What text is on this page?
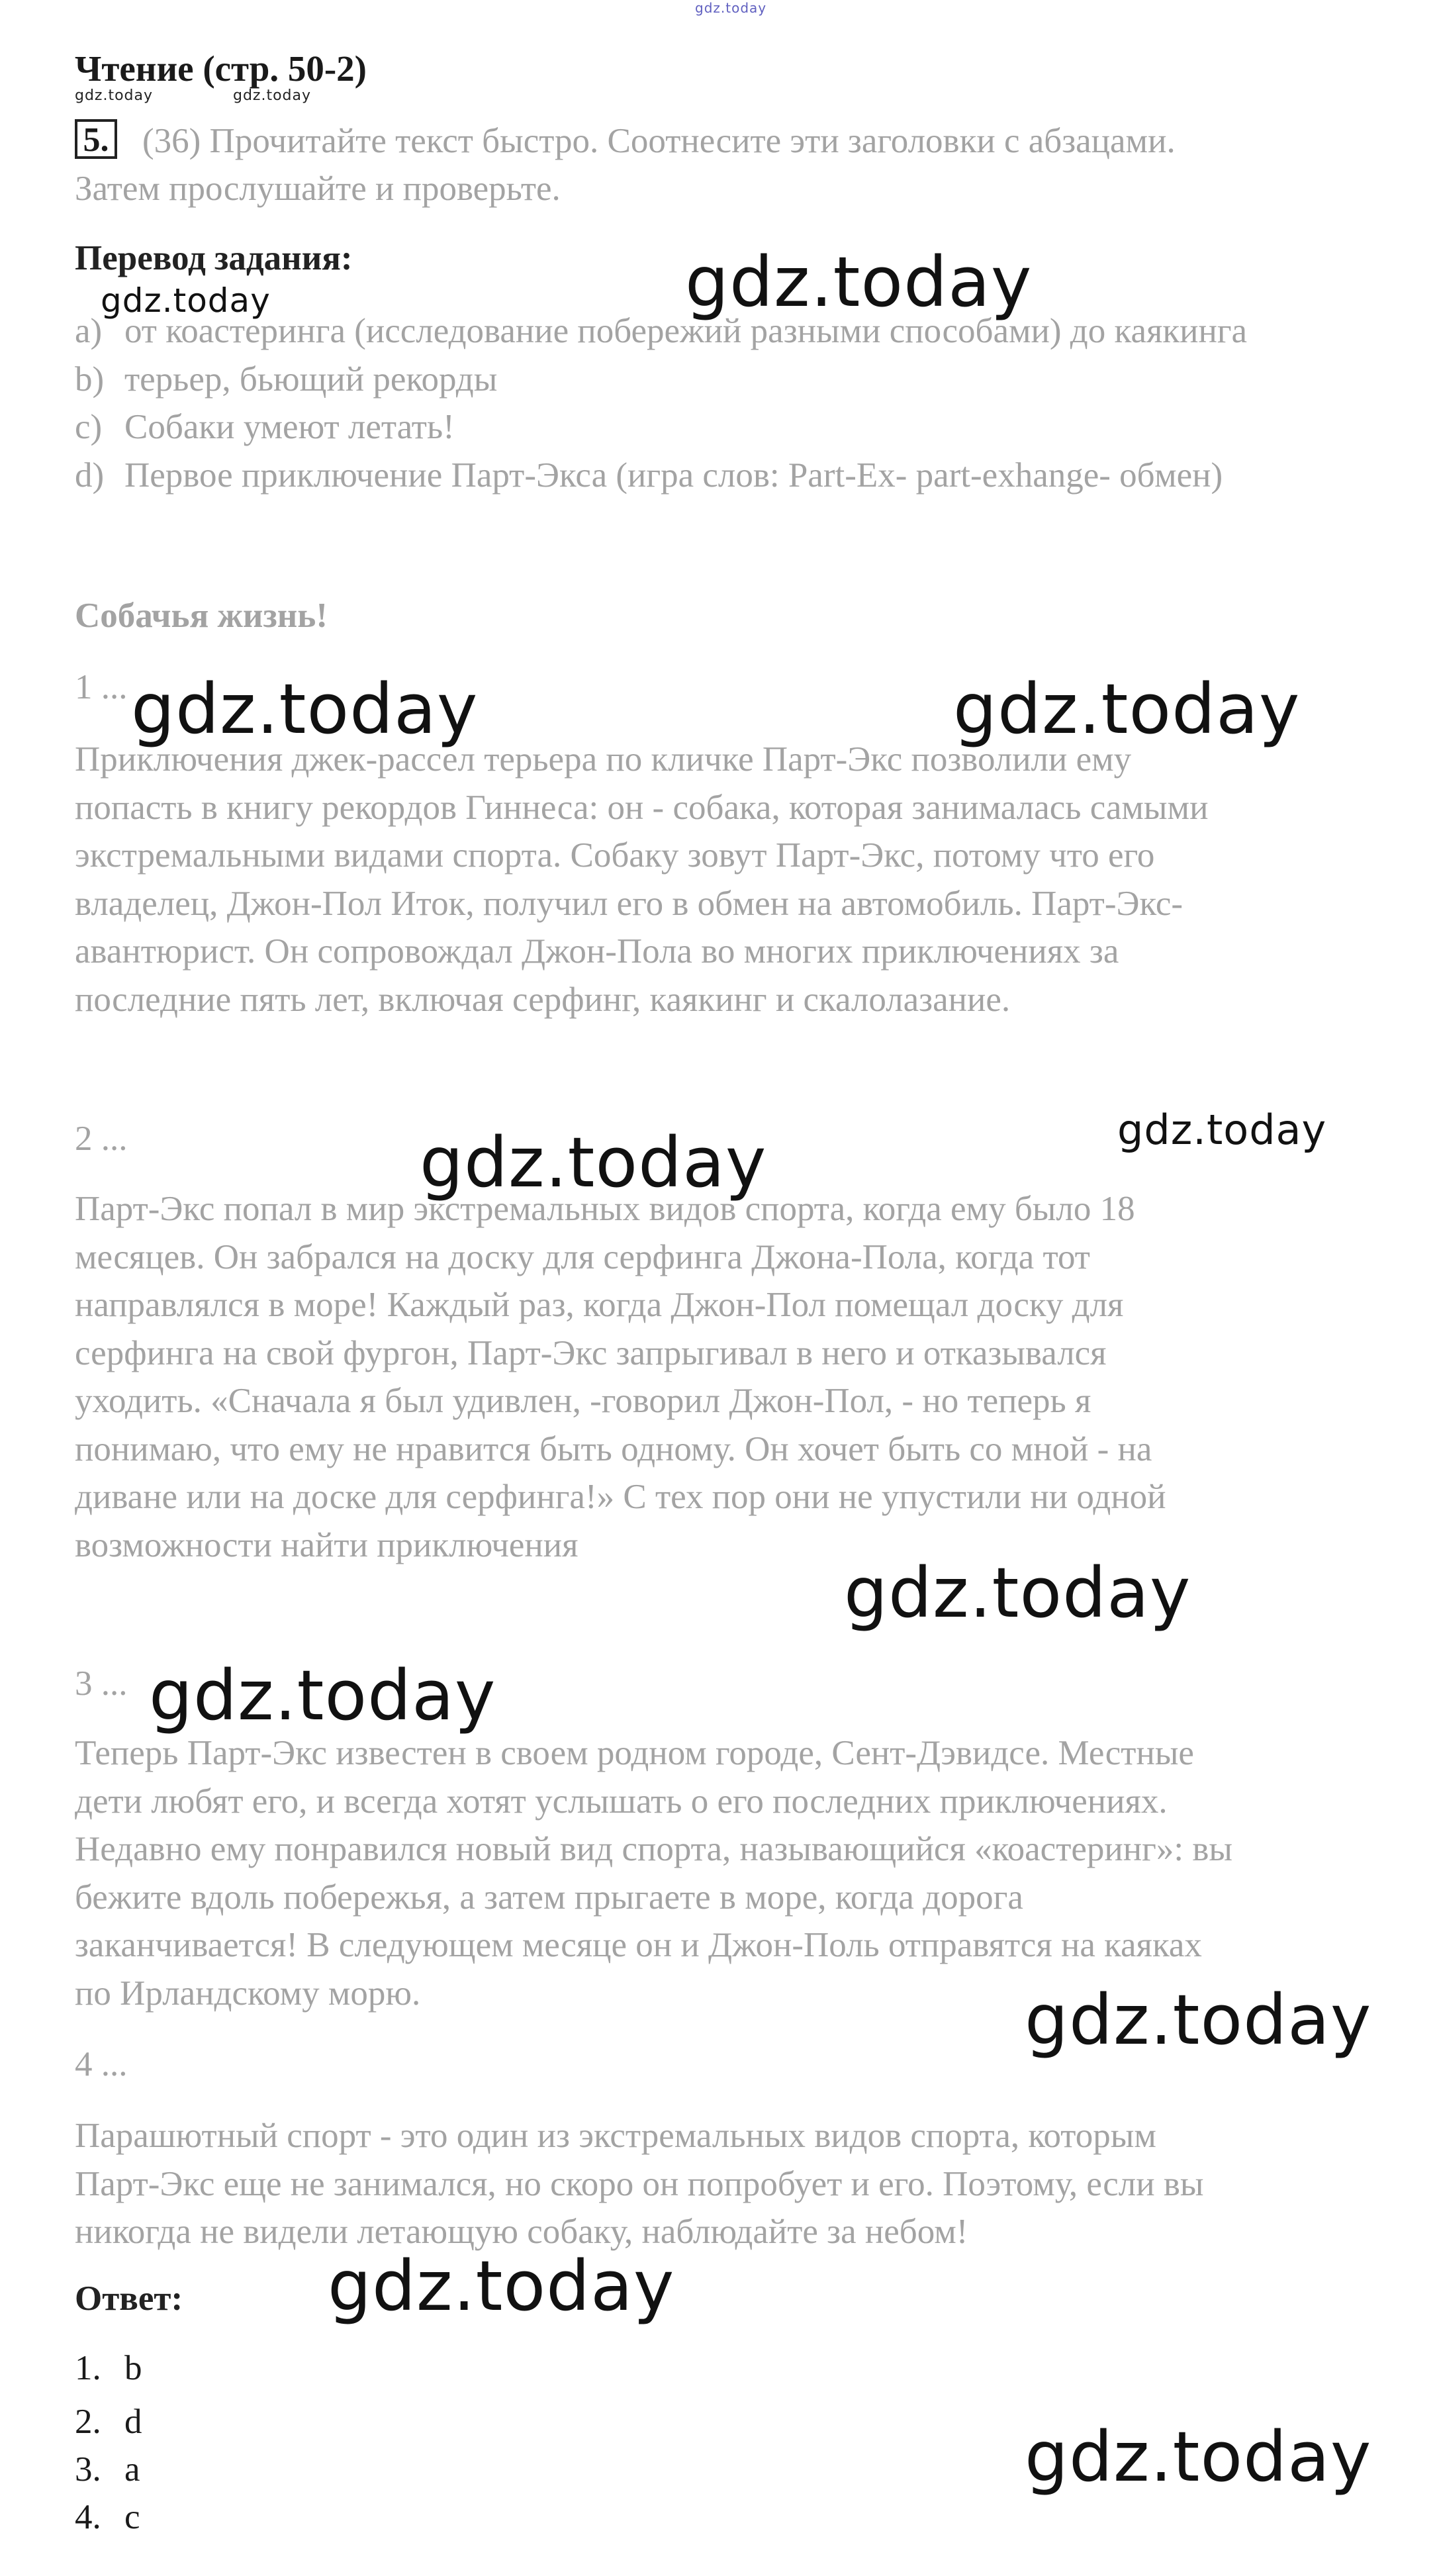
gdz.today
Чтение (стр. 50-2)
gdz.today	gdz.today
5. (36) Прочитайте текст быстро. Соотнесите эти заголовки с абзацами.
Затем прослушайте и проверьте.
Перевод задания:
gdz.today	gdz.today
a) от коастеринга (исследование побережий разными способами) до каякинга
b) терьер, бьющий рекорды
c) Собаки умеют летать!
d) Первое приключение Парт-Экса (игра слов: Part-Ex- part-exhange- обмен)
Собачья жизнь!
1 ... gdz.today	gdz.today
Приключения джек-рассел терьера по кличке Парт-Экс позволили ему
попасть в книгу рекордов Гиннеса: он - собака, которая занималась самыми
экстремальными видами спорта. Собаку зовут Парт-Экс, потому что его
владелец, Джон-Пол Иток, получил его в обмен на автомобиль. Парт-Экс-
авантюрист. Он сопровождал Джон-Пола во многих приключениях за
последние пять лет, включая серфинг, каякинг и скалолазание.
2 ...	gdz.today
gdz.today
Парт-Экс попал в мир экстремальных видов спорта, когда ему было 18
месяцев. Он забрался на доску для серфинга Джона-Пола, когда тот
направлялся в море! Каждый раз, когда Джон-Пол помещал доску для
серфинга на свой фургон, Парт-Экс запрыгивал в него и отказывался
уходить. «Сначала я был удивлен, -говорил Джон-Пол, - но теперь я
понимаю, что ему не нравится быть одному. Он хочет быть со мной - на
диване или на доске для серфинга!» С тех пор они не упустили ни одной
возможности найти приключения
gdz.today
3 ... gdz.today
Теперь Парт-Экс известен в своем родном городе, Сент-Дэвидсе. Местные
дети любят его, и всегда хотят услышать о его последних приключениях.
Недавно ему понравился новый вид спорта, называющийся «коастеринг»: вы
бежите вдоль побережья, а затем прыгаете в море, когда дорога
заканчивается! В следующем месяце он и Джон-Поль отправятся на каяках
по Ирландскому морю.	gdz.today
4 ...
Парашютный спорт - это один из экстремальных видов спорта, которым
Парт-Экс еще не занимался, но скоро он попробует и его. Поэтому, если вы
никогда не видели летающую собаку, наблюдайте за небом!
Ответ: gdz.today
1. b
2. d
3. a
4. c
gdz.today
